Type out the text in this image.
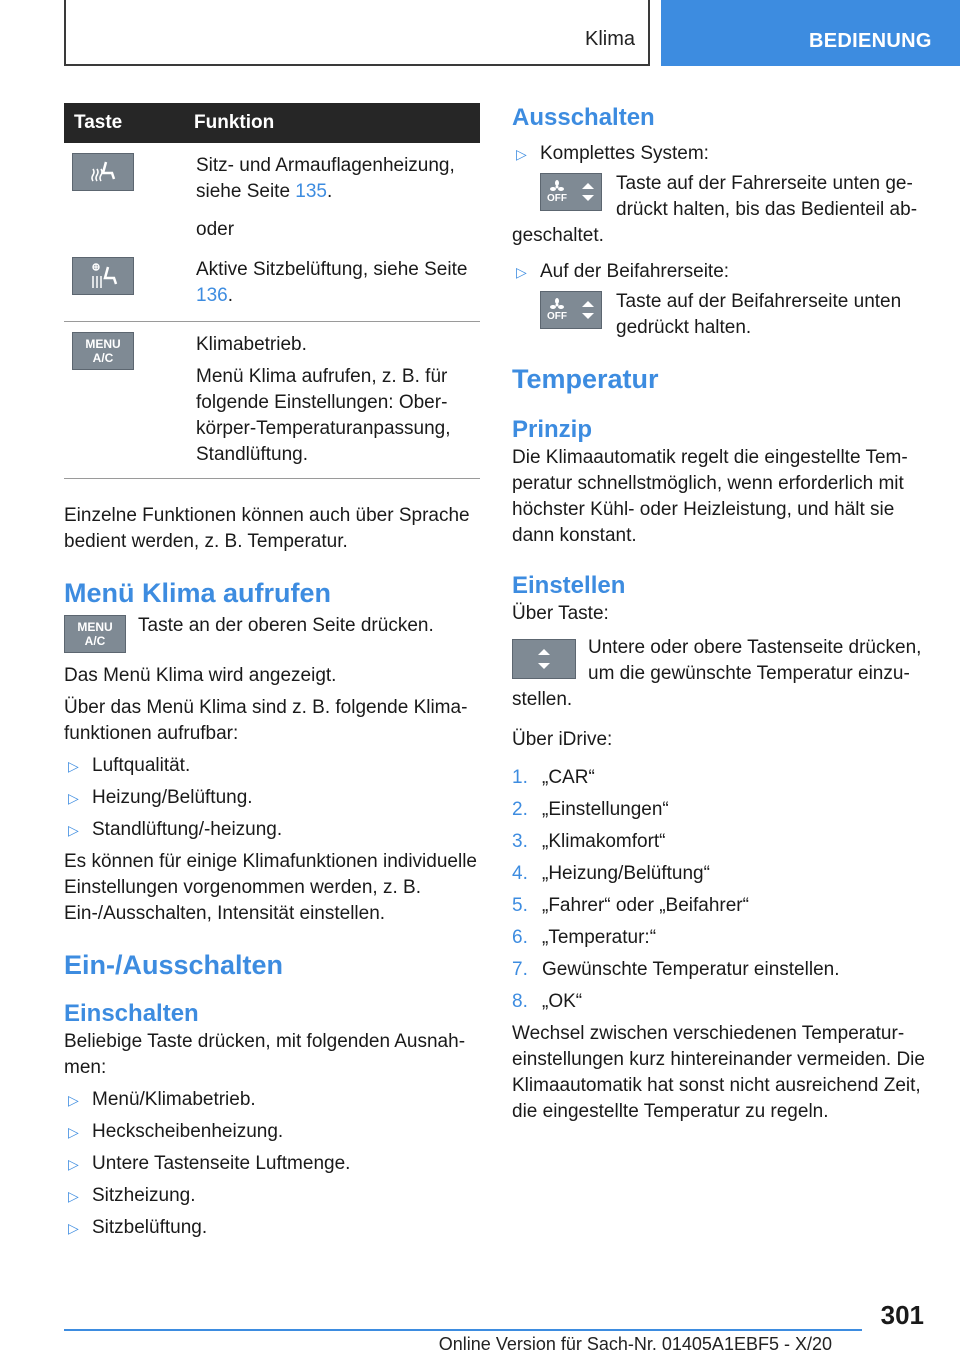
Klima	BEDIENUNG
Taste	Funktion

Sitz- und Armauflagenheizung, siehe Seite 135.

oder

Aktive Sitzbelüftung, siehe Seite 136.

MENU
A/C

Klimabetrieb.

Menü Klima aufrufen, z. B. für folgende Einstellungen: Oberkörper-Temperaturanpassung, Standlüftung.

Einzelne Funktionen können auch über Sprache bedient werden, z. B. Temperatur.

Menü Klima aufrufen
MENU
A/C

Taste an der oberen Seite drücken.

Das Menü Klima wird angezeigt.

Über das Menü Klima sind z. B. folgende Klimafunktionen aufrufbar:

▷ Luftqualität.
▷ Heizung/Belüftung.
▷ Standlüftung/-heizung.

Es können für einige Klimafunktionen individuelle Einstellungen vorgenommen werden, z. B. Ein-/Ausschalten, Intensität einstellen.

Ein-/Ausschalten
Einschalten

Beliebige Taste drücken, mit folgenden Ausnahmen:

▷ Menü/Klimabetrieb.
▷ Heckscheibenheizung.
▷ Untere Tastenseite Luftmenge.
▷ Sitzheizung.
▷ Sitzbelüftung.
Ausschalten
▷ Komplettes System:
OFF

Taste auf der Fahrerseite unten gedrückt halten, bis das Bedienteil abgeschaltet.

▷ Auf der Beifahrerseite:
OFF

Taste auf der Beifahrerseite unten gedrückt halten.

Temperatur
Prinzip

Die Klimaautomatik regelt die eingestellte Temperatur schnellstmöglich, wenn erforderlich mit höchster Kühl- oder Heizleistung, und hält sie dann konstant.

Einstellen

Über Taste:

Untere oder obere Tastenseite drücken, um die gewünschte Temperatur einzustellen.

Über iDrive:

1. „CAR“
2. „Einstellungen“
3. „Klimakomfort“
4. „Heizung/Belüftung“
5. „Fahrer“ oder „Beifahrer“
6. „Temperatur:“
7. Gewünschte Temperatur einstellen.
8. „OK“

Wechsel zwischen verschiedenen Temperatureinstellungen kurz hintereinander vermeiden. Die Klimaautomatik hat sonst nicht ausreichend Zeit, die eingestellte Temperatur zu regeln.

301
Online Version für Sach-Nr. 01405A1EBF5 - X/20
